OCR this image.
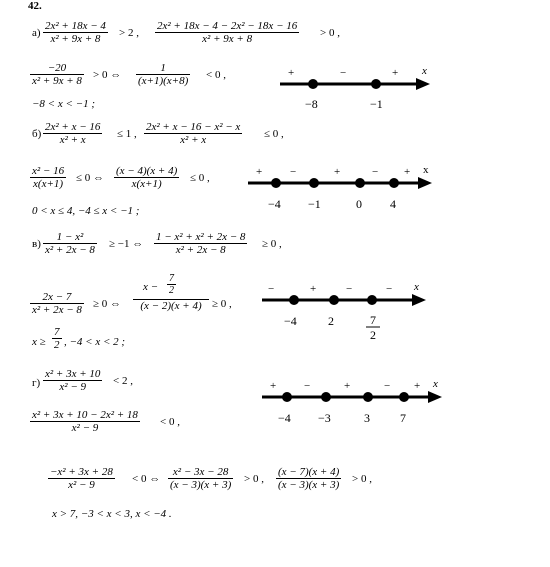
42.
$а) \frac{\text{2x² + 18x − 4}}{\text{x² + 9x + 8}} > 2$ , $\frac{\text{2x² + 18x − 4 − 2x² − 18x − 16}}{\text{x² + 9x + 8}} > 0$ ,
$\frac{-20}{\text{x² + 9x + 8}} > 0$ ⇔ $\frac{1}{(x+1)(x+8)} < 0$ ,
−8 < x < −1 ;
+	−	+ x
−8	−1
$б) \frac{\text{2x² + x − 16}}{\text{x² + x}} \le 1$ , $\frac{\text{2x² + x − 16 − x² − x}}{\text{x² + x}} \le 0$ ,
$\frac{\text{x² − 16}}{x(x+1)} \le 0$ ⇔ $\frac{(x - 4)(x + 4)}{x(x+1)} \le 0$ ,
0 < x ≤ 4, −4 ≤ x < −1 ;
+	−	+	− + x
−4 −1	0 4
$в) \frac{\text{1 − x²}}{\text{x² + 2x − 8}} \ge -1$ ⇔ $\frac{\text{1 − x² + x² + 2x − 8}}{\text{x² + 2x − 8}} \ge 0$ ,
$\frac{2x - 7}{\text{x² + 2x − 8}} \ge 0$ ⇔
$x - \frac{7}{2}$
(x − 2)(x + 4) ≥ 0 ,
$x \ge \frac{7}{2}$ , −4 < x < 2 ;
−	+	−	− x
−4	2	7
2
$г) \frac{\text{x² + 3x + 10}}{\text{x² − 9}} < 2$ ,
$\frac{\text{x² + 3x + 10 − 2x² + 18}}{\text{x² − 9}} < 0$ ,
+	−	+	− + x
−4 −3	3	7
$\frac{\text{−x² + 3x + 28}}{\text{x² − 9}} < 0$ ⇔ $\frac{\text{x² − 3x − 28}}{(x - 3)(x + 3)} > 0$ , $\frac{(x - 7)(x + 4)}{(x - 3)(x + 3)} > 0$ ,
x > 7, −3 < x < 3, x < −4 .
